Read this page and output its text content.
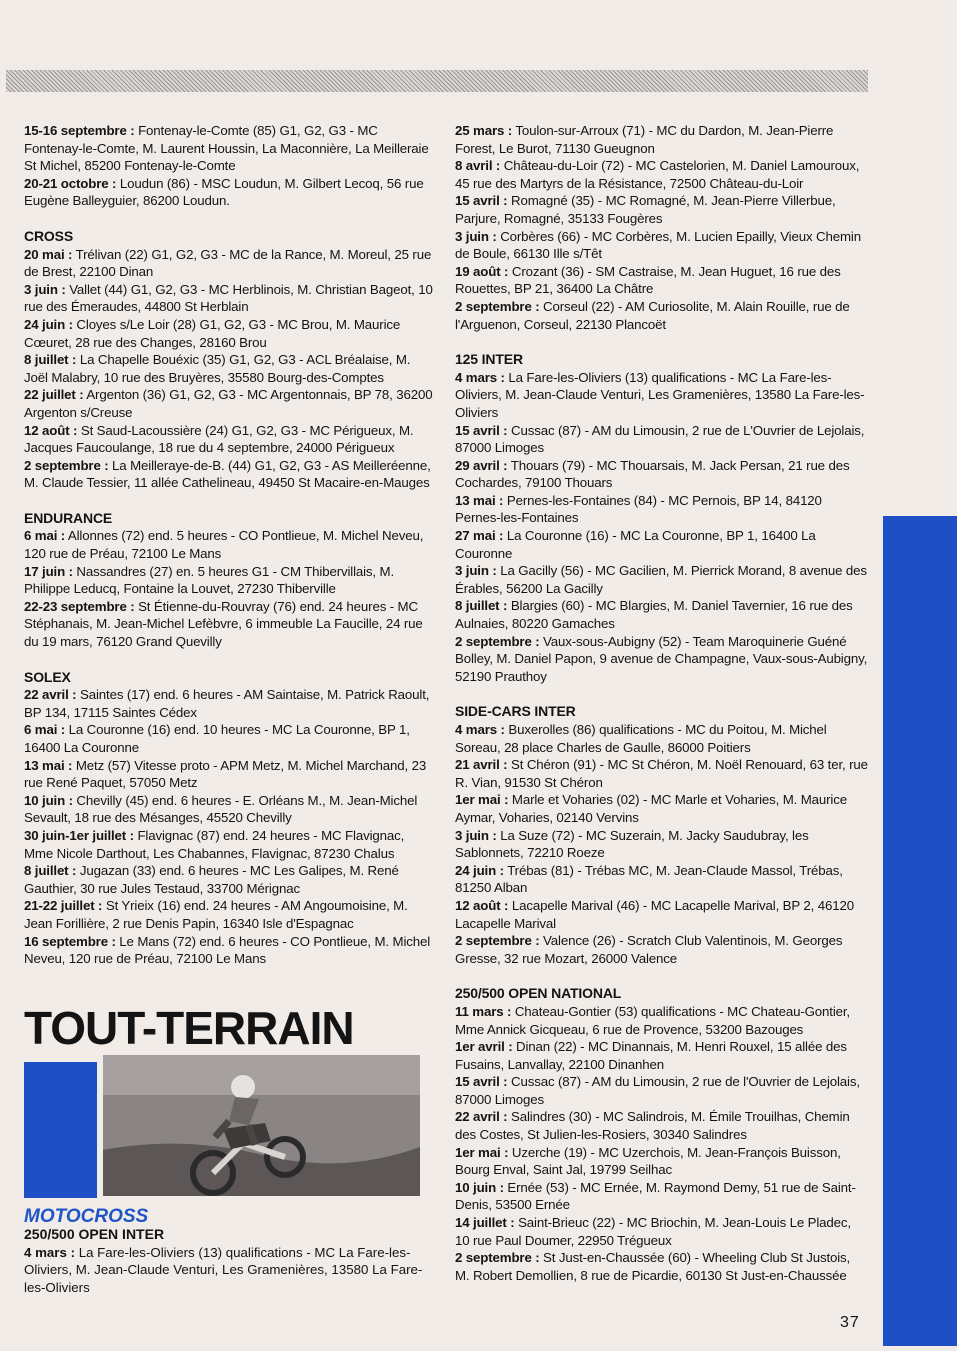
15-16 septembre : Fontenay-le-Comte (85) G1, G2, G3 - MC Fontenay-le-Comte, M. Laurent Houssin, La Maconnière, La Meilleraie St Michel, 85200 Fontenay-le-Comte
20-21 octobre : Loudun (86) - MSC Loudun, M. Gilbert Lecoq, 56 rue Eugène Balleyguier, 86200 Loudun.
CROSS
20 mai : Trélivan (22) G1, G2, G3 - MC de la Rance, M. Moreul, 25 rue de Brest, 22100 Dinan
3 juin : Vallet (44) G1, G2, G3 - MC Herblinois, M. Christian Bageot, 10 rue des Émeraudes, 44800 St Herblain
24 juin : Cloyes s/Le Loir (28) G1, G2, G3 - MC Brou, M. Maurice Cœuret, 28 rue des Changes, 28160 Brou
8 juillet : La Chapelle Bouéxic (35) G1, G2, G3 - ACL Bréalaise, M. Joël Malabry, 10 rue des Bruyères, 35580 Bourg-des-Comptes
22 juillet : Argenton (36) G1, G2, G3 - MC Argentonnais, BP 78, 36200 Argenton s/Creuse
12 août : St Saud-Lacoussière (24) G1, G2, G3 - MC Périgueux, M. Jacques Faucoulange, 18 rue du 4 septembre, 24000 Périgueux
2 septembre : La Meilleraye-de-B. (44) G1, G2, G3 - AS Meilleréenne, M. Claude Tessier, 11 allée Cathelineau, 49450 St Macaire-en-Mauges
ENDURANCE
6 mai : Allonnes (72) end. 5 heures - CO Pontlieue, M. Michel Neveu, 120 rue de Préau, 72100 Le Mans
17 juin : Nassandres (27) en. 5 heures G1 - CM Thibervillais, M. Philippe Leducq, Fontaine la Louvet, 27230 Thiberville
22-23 septembre : St Étienne-du-Rouvray (76) end. 24 heures - MC Stéphanais, M. Jean-Michel Lefèbvre, 6 immeuble La Faucille, 24 rue du 19 mars, 76120 Grand Quevilly
SOLEX
22 avril : Saintes (17) end. 6 heures - AM Saintaise, M. Patrick Raoult, BP 134, 17115 Saintes Cédex
6 mai : La Couronne (16) end. 10 heures - MC La Couronne, BP 1, 16400 La Couronne
13 mai : Metz (57) Vitesse proto - APM Metz, M. Michel Marchand, 23 rue René Paquet, 57050 Metz
10 juin : Chevilly (45) end. 6 heures - E. Orléans M., M. Jean-Michel Sevault, 18 rue des Mésanges, 45520 Chevilly
30 juin-1er juillet : Flavignac (87) end. 24 heures - MC Flavignac, Mme Nicole Darthout, Les Chabannes, Flavignac, 87230 Chalus
8 juillet : Jugazan (33) end. 6 heures - MC Les Galipes, M. René Gauthier, 30 rue Jules Testaud, 33700 Mérignac
21-22 juillet : St Yrieix (16) end. 24 heures - AM Angoumoisine, M. Jean Forillière, 2 rue Denis Papin, 16340 Isle d'Espagnac
16 septembre : Le Mans (72) end. 6 heures - CO Pontlieue, M. Michel Neveu, 120 rue de Préau, 72100 Le Mans
25 mars : Toulon-sur-Arroux (71) - MC du Dardon, M. Jean-Pierre Forest, Le Burot, 71130 Gueugnon
8 avril : Château-du-Loir (72) - MC Castelorien, M. Daniel Lamouroux, 45 rue des Martyrs de la Résistance, 72500 Château-du-Loir
15 avril : Romagné (35) - MC Romagné, M. Jean-Pierre Villerbue, Parjure, Romagné, 35133 Fougères
3 juin : Corbères (66) - MC Corbères, M. Lucien Epailly, Vieux Chemin de Boule, 66130 Ille s/Têt
19 août : Crozant (36) - SM Castraise, M. Jean Huguet, 16 rue des Rouettes, BP 21, 36400 La Châtre
2 septembre : Corseul (22) - AM Curiosolite, M. Alain Rouille, rue de l'Arguenon, Corseul, 22130 Plancoët
125 INTER
4 mars : La Fare-les-Oliviers (13) qualifications - MC La Fare-les-Oliviers, M. Jean-Claude Venturi, Les Gramenières, 13580 La Fare-les-Oliviers
15 avril : Cussac (87) - AM du Limousin, 2 rue de L'Ouvrier de Lejolais, 87000 Limoges
29 avril : Thouars (79) - MC Thouarsais, M. Jack Persan, 21 rue des Cochardes, 79100 Thouars
13 mai : Pernes-les-Fontaines (84) - MC Pernois, BP 14, 84120 Pernes-les-Fontaines
27 mai : La Couronne (16) - MC La Couronne, BP 1, 16400 La Couronne
3 juin : La Gacilly (56) - MC Gacilien, M. Pierrick Morand, 8 avenue des Érables, 56200 La Gacilly
8 juillet : Blargies (60) - MC Blargies, M. Daniel Tavernier, 16 rue des Aulnaies, 80220 Gamaches
2 septembre : Vaux-sous-Aubigny (52) - Team Maroquinerie Guéné Bolley, M. Daniel Papon, 9 avenue de Champagne, Vaux-sous-Aubigny, 52190 Prauthoy
SIDE-CARS INTER
4 mars : Buxerolles (86) qualifications - MC du Poitou, M. Michel Soreau, 28 place Charles de Gaulle, 86000 Poitiers
21 avril : St Chéron (91) - MC St Chéron, M. Noël Renouard, 63 ter, rue R. Vian, 91530 St Chéron
1er mai : Marle et Voharies (02) - MC Marle et Voharies, M. Maurice Aymar, Voharies, 02140 Vervins
3 juin : La Suze (72) - MC Suzerain, M. Jacky Saudubray, les Sablonnets, 72210 Roeze
24 juin : Trébas (81) - Trébas MC, M. Jean-Claude Massol, Trébas, 81250 Alban
12 août : Lacapelle Marival (46) - MC Lacapelle Marival, BP 2, 46120 Lacapelle Marival
2 septembre : Valence (26) - Scratch Club Valentinois, M. Georges Gresse, 32 rue Mozart, 26000 Valence
250/500 OPEN NATIONAL
11 mars : Chateau-Gontier (53) qualifications - MC Chateau-Gontier, Mme Annick Gicqueau, 6 rue de Provence, 53200 Bazouges
1er avril : Dinan (22) - MC Dinannais, M. Henri Rouxel, 15 allée des Fusains, Lanvallay, 22100 Dinanhen
15 avril : Cussac (87) - AM du Limousin, 2 rue de l'Ouvrier de Lejolais, 87000 Limoges
22 avril : Salindres (30) - MC Salindrois, M. Émile Trouilhas, Chemin des Costes, St Julien-les-Rosiers, 30340 Salindres
1er mai : Uzerche (19) - MC Uzerchois, M. Jean-François Buisson, Bourg Enval, Saint Jal, 19799 Seilhac
10 juin : Ernée (53) - MC Ernée, M. Raymond Demy, 51 rue de Saint-Denis, 53500 Ernée
14 juillet : Saint-Brieuc (22) - MC Briochin, M. Jean-Louis Le Pladec, 10 rue Paul Doumer, 22950 Trégueux
2 septembre : St Just-en-Chaussée (60) - Wheeling Club St Justois, M. Robert Demollien, 8 rue de Picardie, 60130 St Just-en-Chaussée
TOUT-TERRAIN
MOTOCROSS
250/500 OPEN INTER
4 mars : La Fare-les-Oliviers (13) qualifications - MC La Fare-les-Oliviers, M. Jean-Claude Venturi, Les Gramenières, 13580 La Fare-les-Oliviers
37
